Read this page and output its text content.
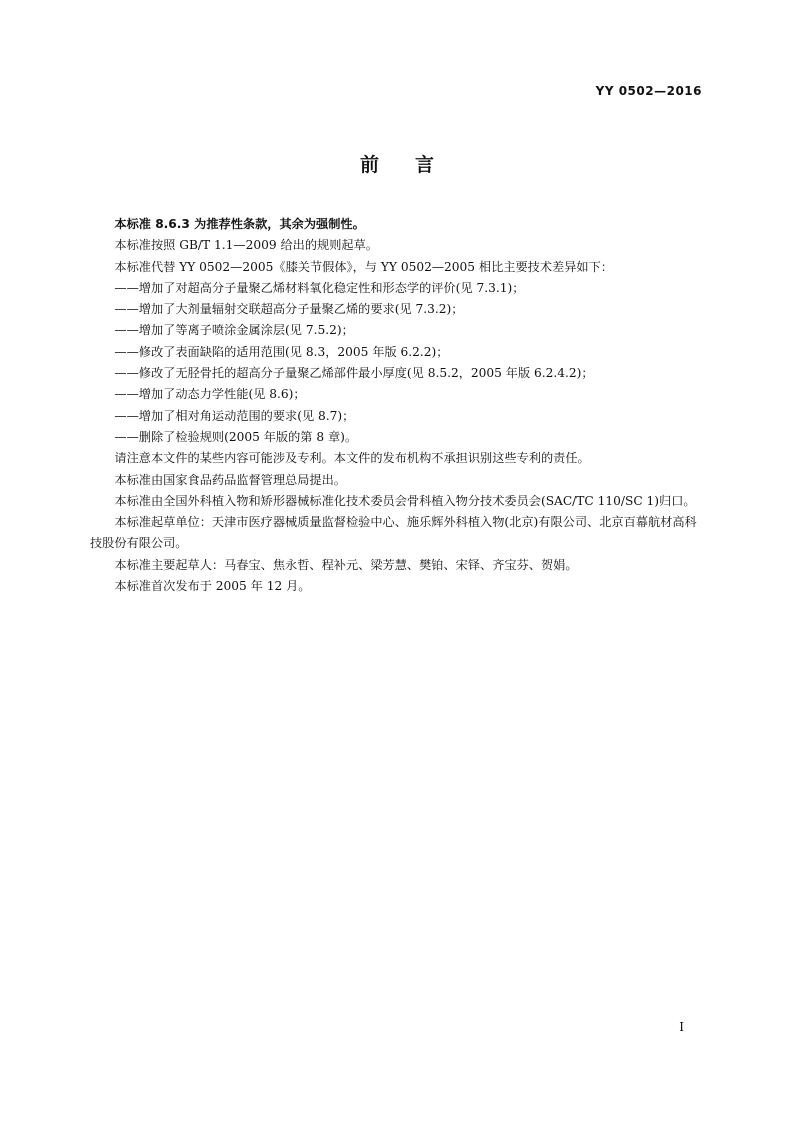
YY 0502—2016
前言

本标准 8.6.3 为推荐性条款，其余为强制性。

本标准按照 GB/T 1.1—2009 给出的规则起草。

本标准代替 YY 0502—2005《膝关节假体》，与 YY 0502—2005 相比主要技术差异如下：

——增加了对超高分子量聚乙烯材料氧化稳定性和形态学的评价(见 7.3.1)；

——增加了大剂量辐射交联超高分子量聚乙烯的要求(见 7.3.2)；

——增加了等离子喷涂金属涂层(见 7.5.2)；

——修改了表面缺陷的适用范围(见 8.3，2005 年版 6.2.2)；

——修改了无胫骨托的超高分子量聚乙烯部件最小厚度(见 8.5.2，2005 年版 6.2.4.2)；

——增加了动态力学性能(见 8.6)；

——增加了相对角运动范围的要求(见 8.7)；

——删除了检验规则(2005 年版的第 8 章)。

请注意本文件的某些内容可能涉及专利。本文件的发布机构不承担识别这些专利的责任。

本标准由国家食品药品监督管理总局提出。

本标准由全国外科植入物和矫形器械标准化技术委员会骨科植入物分技术委员会(SAC/TC 110/SC 1)归口。

本标准起草单位：天津市医疗器械质量监督检验中心、施乐辉外科植入物(北京)有限公司、北京百幕航材高科技股份有限公司。

本标准主要起草人：马春宝、焦永哲、程补元、梁芳慧、樊铂、宋铎、齐宝芬、贺娟。

本标准首次发布于 2005 年 12 月。

I
